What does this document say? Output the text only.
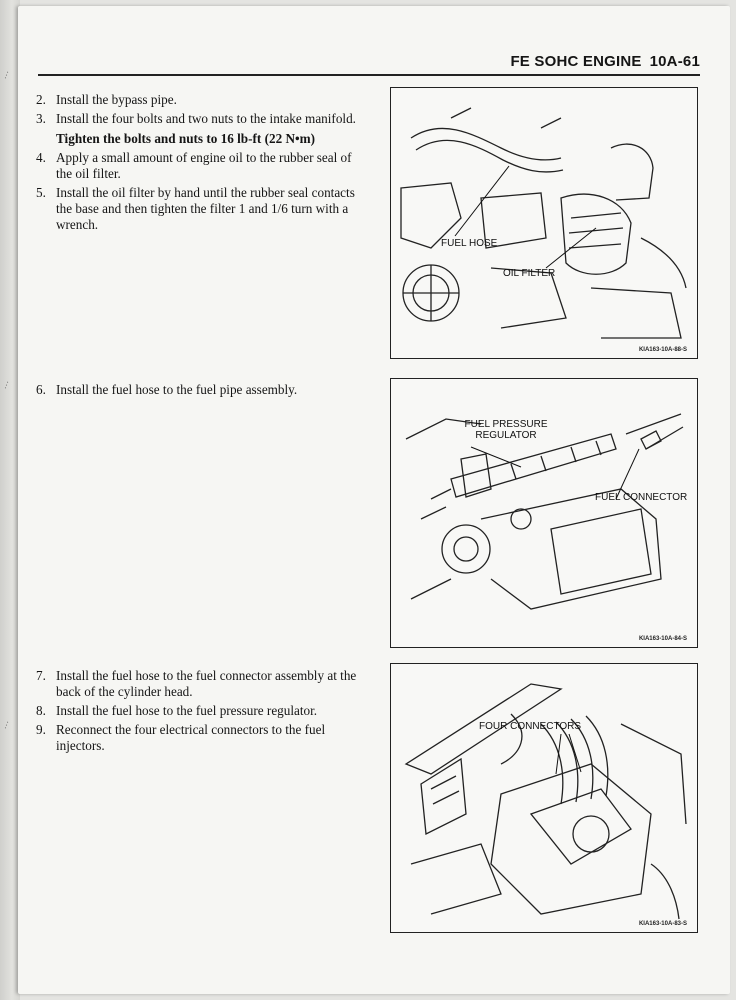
···
···
···
FE SOHC ENGINE 10A-61
2. Install the bypass pipe.
3. Install the four bolts and two nuts to the intake manifold.
Tighten the bolts and nuts to 16 lb-ft (22 N•m)
4. Apply a small amount of engine oil to the rubber seal of the oil filter.
5. Install the oil filter by hand until the rubber seal contacts the base and then tighten the filter 1 and 1/6 turn with a wrench.
FUEL HOSE
OIL FILTER
KIA163-10A-88-S
6. Install the fuel hose to the fuel pipe assembly.
FUEL PRESSURE REGULATOR
FUEL CONNECTOR
KIA163-10A-84-S
7. Install the fuel hose to the fuel connector assembly at the back of the cylinder head.
8. Install the fuel hose to the fuel pressure regulator.
9. Reconnect the four electrical connectors to the fuel injectors.
FOUR CONNECTORS
KIA163-10A-83-S
